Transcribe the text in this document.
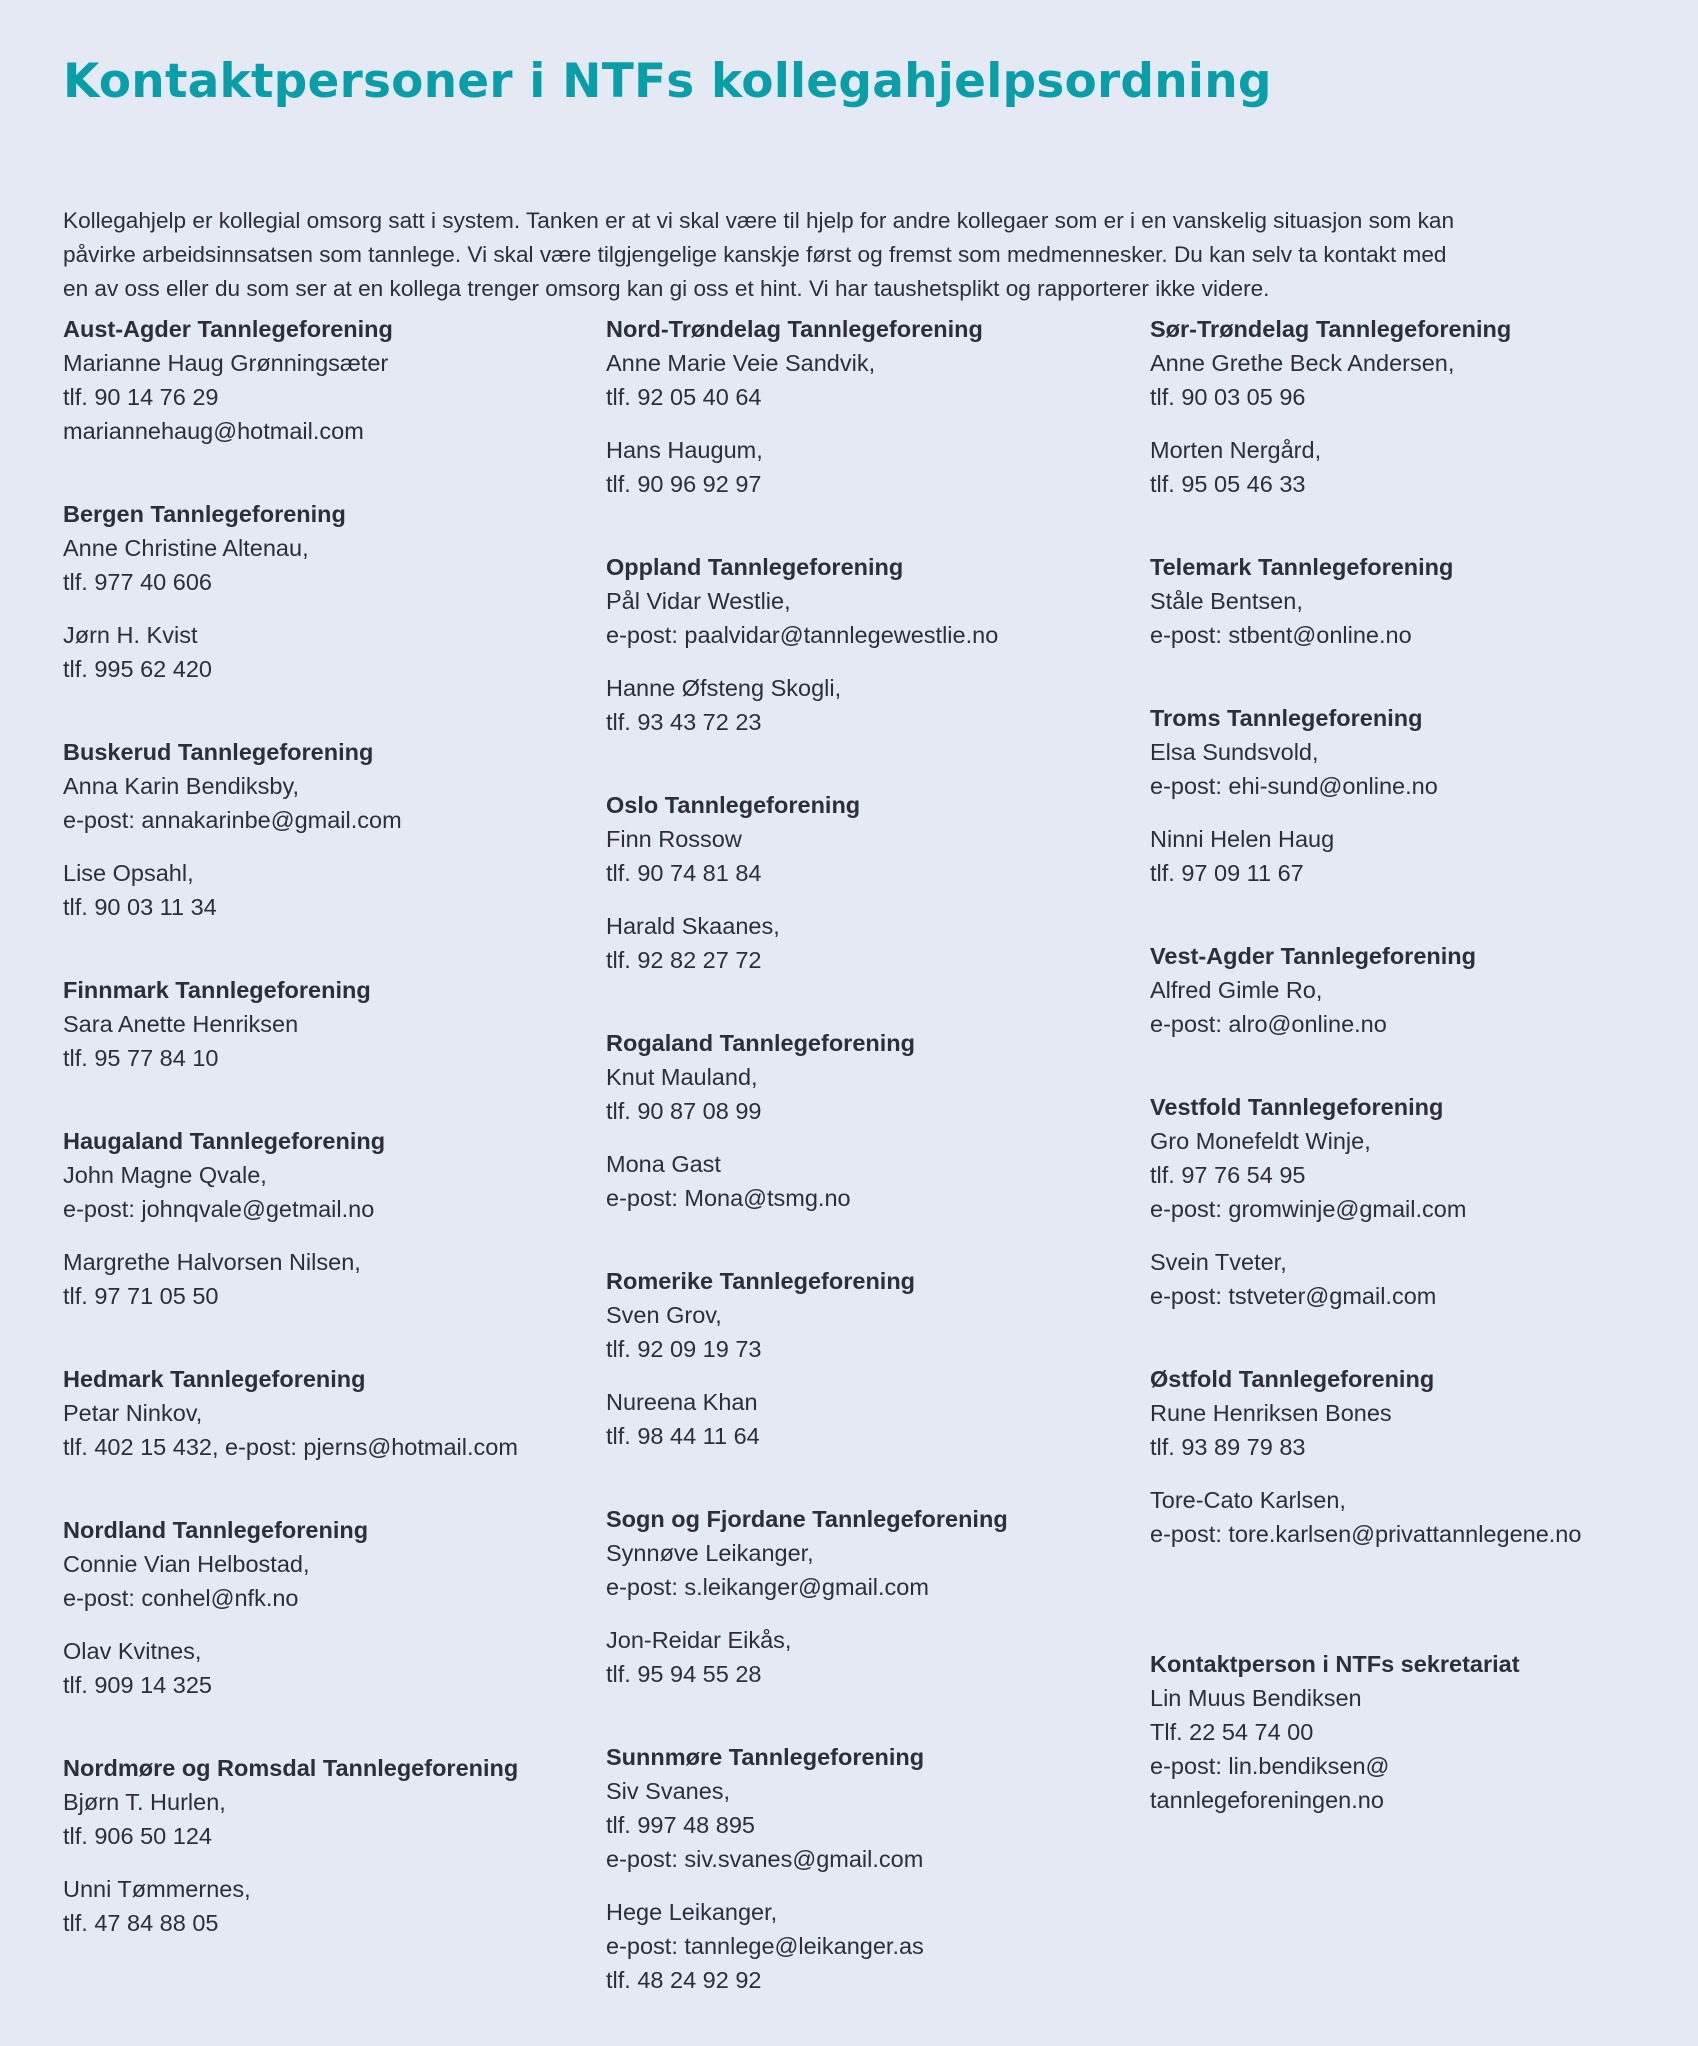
Kontaktpersoner i NTFs kollegahjelpsordning

Kollegahjelp er kollegial omsorg satt i system. Tanken er at vi skal være til hjelp for andre kollegaer som er i en vanskelig situasjon som kan

påvirke arbeidsinnsatsen som tannlege. Vi skal være tilgjengelige kanskje først og fremst som medmennesker. Du kan selv ta kontakt med

en av oss eller du som ser at en kollega trenger omsorg kan gi oss et hint. Vi har taushetsplikt og rapporterer ikke videre.

Aust-Agder Tannlegeforening

Marianne Haug Grønningsæter

tlf. 90 14 76 29

mariannehaug@hotmail.com

Bergen Tannlegeforening

Anne Christine Altenau,

tlf. 977 40 606

Jørn H. Kvist

tlf. 995 62 420

Buskerud Tannlegeforening

Anna Karin Bendiksby,

e-post: annakarinbe@gmail.com

Lise Opsahl,

tlf. 90 03 11 34

Finnmark Tannlegeforening

Sara Anette Henriksen

tlf. 95 77 84 10

Haugaland Tannlegeforening

John Magne Qvale,

e-post: johnqvale@getmail.no

Margrethe Halvorsen Nilsen,

tlf. 97 71 05 50

Hedmark Tannlegeforening

Petar Ninkov,

tlf. 402 15 432, e-post: pjerns@hotmail.com

Nordland Tannlegeforening

Connie Vian Helbostad,

e-post: conhel@nfk.no

Olav Kvitnes,

tlf. 909 14 325

Nordmøre og Romsdal Tannlegeforening

Bjørn T. Hurlen,

tlf. 906 50 124

Unni Tømmernes,

tlf. 47 84 88 05

Nord-Trøndelag Tannlegeforening

Anne Marie Veie Sandvik,

tlf. 92 05 40 64

Hans Haugum,

tlf. 90 96 92 97

Oppland Tannlegeforening

Pål Vidar Westlie,

e-post: paalvidar@tannlegewestlie.no

Hanne Øfsteng Skogli,

tlf. 93 43 72 23

Oslo Tannlegeforening

Finn Rossow

tlf. 90 74 81 84

Harald Skaanes,

tlf. 92 82 27 72

Rogaland Tannlegeforening

Knut Mauland,

tlf. 90 87 08 99

Mona Gast

e-post: Mona@tsmg.no

Romerike Tannlegeforening

Sven Grov,

tlf. 92 09 19 73

Nureena Khan

tlf. 98 44 11 64

Sogn og Fjordane Tannlegeforening

Synnøve Leikanger,

e-post: s.leikanger@gmail.com

Jon-Reidar Eikås,

tlf. 95 94 55 28

Sunnmøre Tannlegeforening

Siv Svanes,

tlf. 997 48 895

e-post: siv.svanes@gmail.com

Hege Leikanger,

e-post: tannlege@leikanger.as

tlf. 48 24 92 92

Sør-Trøndelag Tannlegeforening

Anne Grethe Beck Andersen,

tlf. 90 03 05 96

Morten Nergård,

tlf. 95 05 46 33

Telemark Tannlegeforening

Ståle Bentsen,

e-post: stbent@online.no

Troms Tannlegeforening

Elsa Sundsvold,

e-post: ehi-sund@online.no

Ninni Helen Haug

tlf. 97 09 11 67

Vest-Agder Tannlegeforening

Alfred Gimle Ro,

e-post: alro@online.no

Vestfold Tannlegeforening

Gro Monefeldt Winje,

tlf. 97 76 54 95

e-post: gromwinje@gmail.com

Svein Tveter,

e-post: tstveter@gmail.com

Østfold Tannlegeforening

Rune Henriksen Bones

tlf. 93 89 79 83

Tore-Cato Karlsen,

e-post: tore.karlsen@privattannlegene.no

Kontaktperson i NTFs sekretariat

Lin Muus Bendiksen

Tlf. 22 54 74 00

e-post: lin.bendiksen@

tannlegeforeningen.no
